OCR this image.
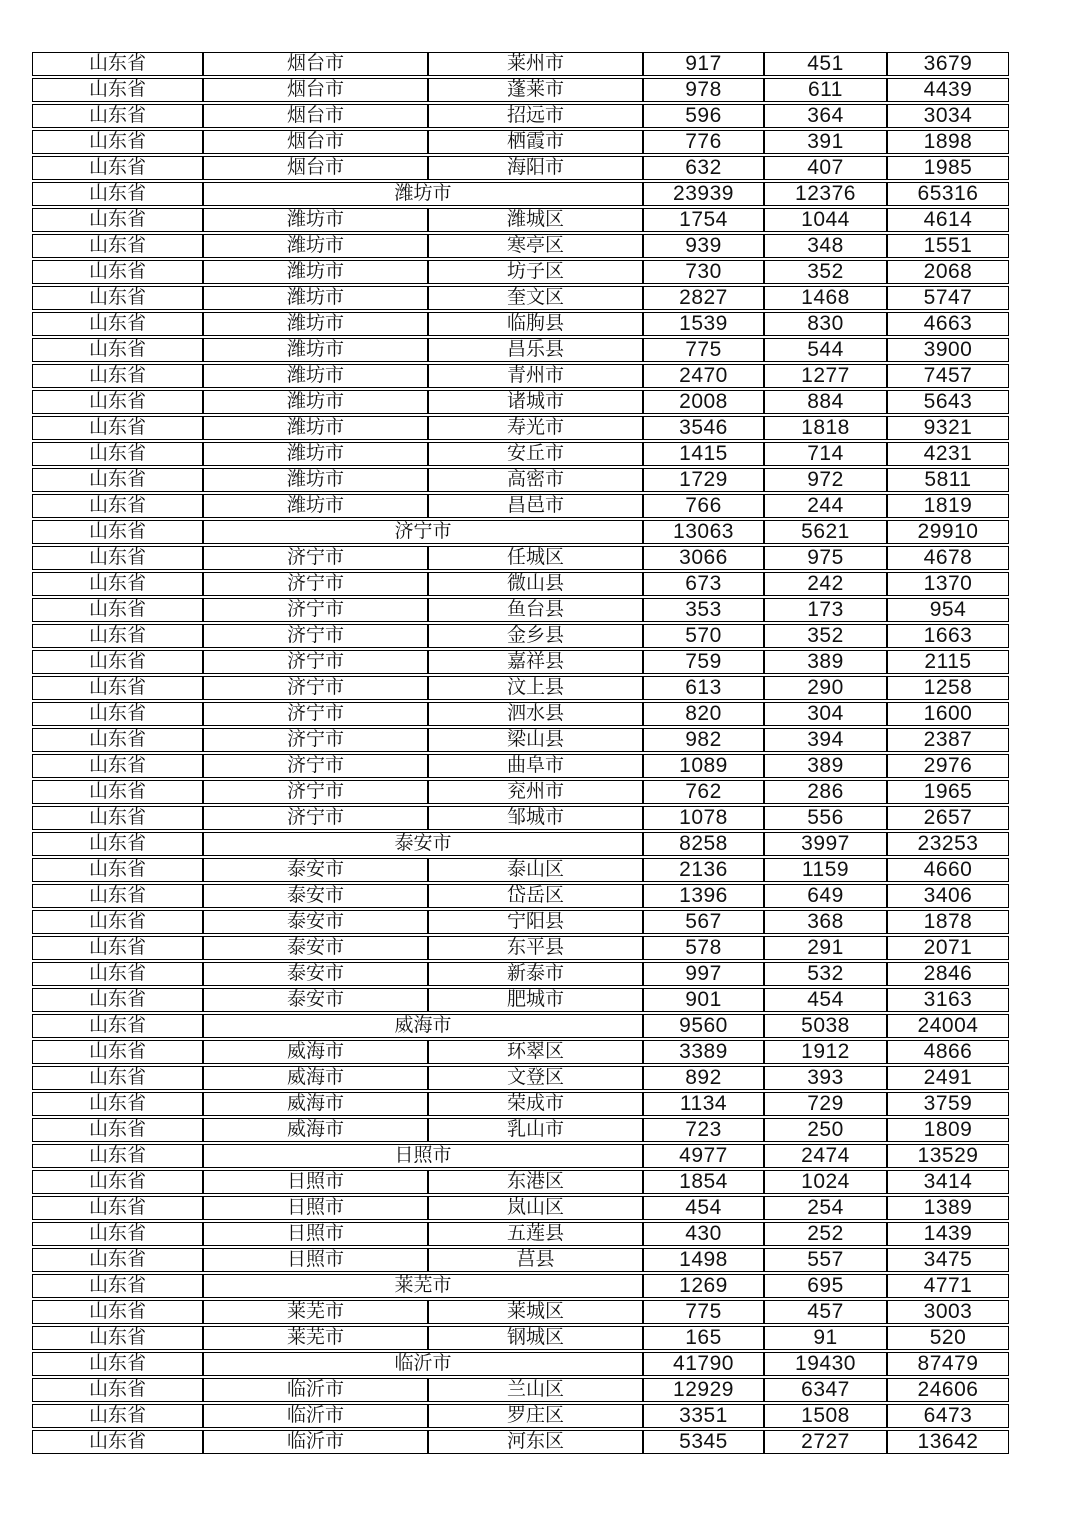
山东省	烟台市	莱州市	917	451	3679
山东省	烟台市	蓬莱市	978	611	4439
山东省	烟台市	招远市	596	364	3034
山东省	烟台市	栖霞市	776	391	1898
山东省	烟台市	海阳市	632	407	1985
山东省	潍坊市		23939	12376	65316
山东省	潍坊市	潍城区	1754	1044	4614
山东省	潍坊市	寒亭区	939	348	1551
山东省	潍坊市	坊子区	730	352	2068
山东省	潍坊市	奎文区	2827	1468	5747
山东省	潍坊市	临朐县	1539	830	4663
山东省	潍坊市	昌乐县	775	544	3900
山东省	潍坊市	青州市	2470	1277	7457
山东省	潍坊市	诸城市	2008	884	5643
山东省	潍坊市	寿光市	3546	1818	9321
山东省	潍坊市	安丘市	1415	714	4231
山东省	潍坊市	高密市	1729	972	5811
山东省	潍坊市	昌邑市	766	244	1819
山东省	济宁市		13063	5621	29910
山东省	济宁市	任城区	3066	975	4678
山东省	济宁市	微山县	673	242	1370
山东省	济宁市	鱼台县	353	173	954
山东省	济宁市	金乡县	570	352	1663
山东省	济宁市	嘉祥县	759	389	2115
山东省	济宁市	汶上县	613	290	1258
山东省	济宁市	泗水县	820	304	1600
山东省	济宁市	梁山县	982	394	2387
山东省	济宁市	曲阜市	1089	389	2976
山东省	济宁市	兖州市	762	286	1965
山东省	济宁市	邹城市	1078	556	2657
山东省	泰安市		8258	3997	23253
山东省	泰安市	泰山区	2136	1159	4660
山东省	泰安市	岱岳区	1396	649	3406
山东省	泰安市	宁阳县	567	368	1878
山东省	泰安市	东平县	578	291	2071
山东省	泰安市	新泰市	997	532	2846
山东省	泰安市	肥城市	901	454	3163
山东省	威海市		9560	5038	24004
山东省	威海市	环翠区	3389	1912	4866
山东省	威海市	文登区	892	393	2491
山东省	威海市	荣成市	1134	729	3759
山东省	威海市	乳山市	723	250	1809
山东省	日照市		4977	2474	13529
山东省	日照市	东港区	1854	1024	3414
山东省	日照市	岚山区	454	254	1389
山东省	日照市	五莲县	430	252	1439
山东省	日照市	莒县	1498	557	3475
山东省	莱芜市		1269	695	4771
山东省	莱芜市	莱城区	775	457	3003
山东省	莱芜市	钢城区	165	91	520
山东省	临沂市		41790	19430	87479
山东省	临沂市	兰山区	12929	6347	24606
山东省	临沂市	罗庄区	3351	1508	6473
山东省	临沂市	河东区	5345	2727	13642
